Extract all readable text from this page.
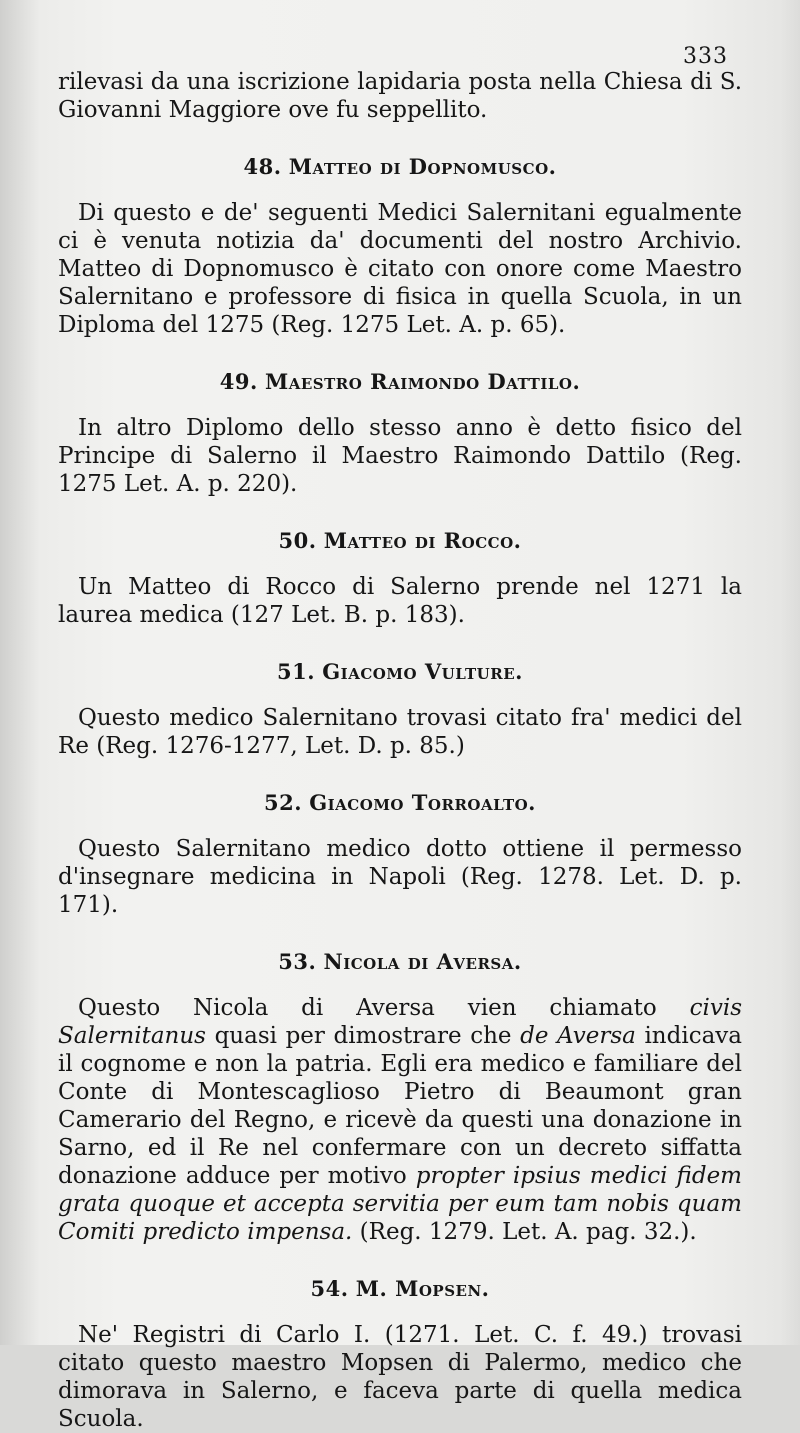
333

rilevasi da una iscrizione lapidaria posta nella Chiesa di S. Giovanni Maggiore ove fu seppellito.

48. Matteo di Dopnomusco.

Di questo e de' seguenti Medici Salernitani egualmente ci è venuta notizia da' documenti del nostro Archivio. Matteo di Dopnomusco è citato con onore come Maestro Salernitano e professore di fisica in quella Scuola, in un Diploma del 1275 (Reg. 1275 Let. A. p. 65).

49. Maestro Raimondo Dattilo.

In altro Diplomo dello stesso anno è detto fisico del Principe di Salerno il Maestro Raimondo Dattilo (Reg. 1275 Let. A. p. 220).

50. Matteo di Rocco.

Un Matteo di Rocco di Salerno prende nel 1271 la laurea medica (127 Let. B. p. 183).

51. Giacomo Vulture.

Questo medico Salernitano trovasi citato fra' medici del Re (Reg. 1276-1277, Let. D. p. 85.)

52. Giacomo Torroalto.

Questo Salernitano medico dotto ottiene il permesso d'insegnare medicina in Napoli (Reg. 1278. Let. D. p. 171).

53. Nicola di Aversa.

Questo Nicola di Aversa vien chiamato civis Salernitanus quasi per dimostrare che de Aversa indicava il cognome e non la patria. Egli era medico e familiare del Conte di Montescaglioso Pietro di Beaumont gran Camerario del Regno, e ricevè da questi una donazione in Sarno, ed il Re nel confermare con un decreto siffatta donazione adduce per motivo propter ipsius medici fidem grata quoque et accepta servitia per eum tam nobis quam Comiti predicto impensa. (Reg. 1279. Let. A. pag. 32.).

54. M. Mopsen.

Ne' Registri di Carlo I. (1271. Let. C. f. 49.) trovasi citato questo maestro Mopsen di Palermo, medico che dimorava in Salerno, e faceva parte di quella medica Scuola.
